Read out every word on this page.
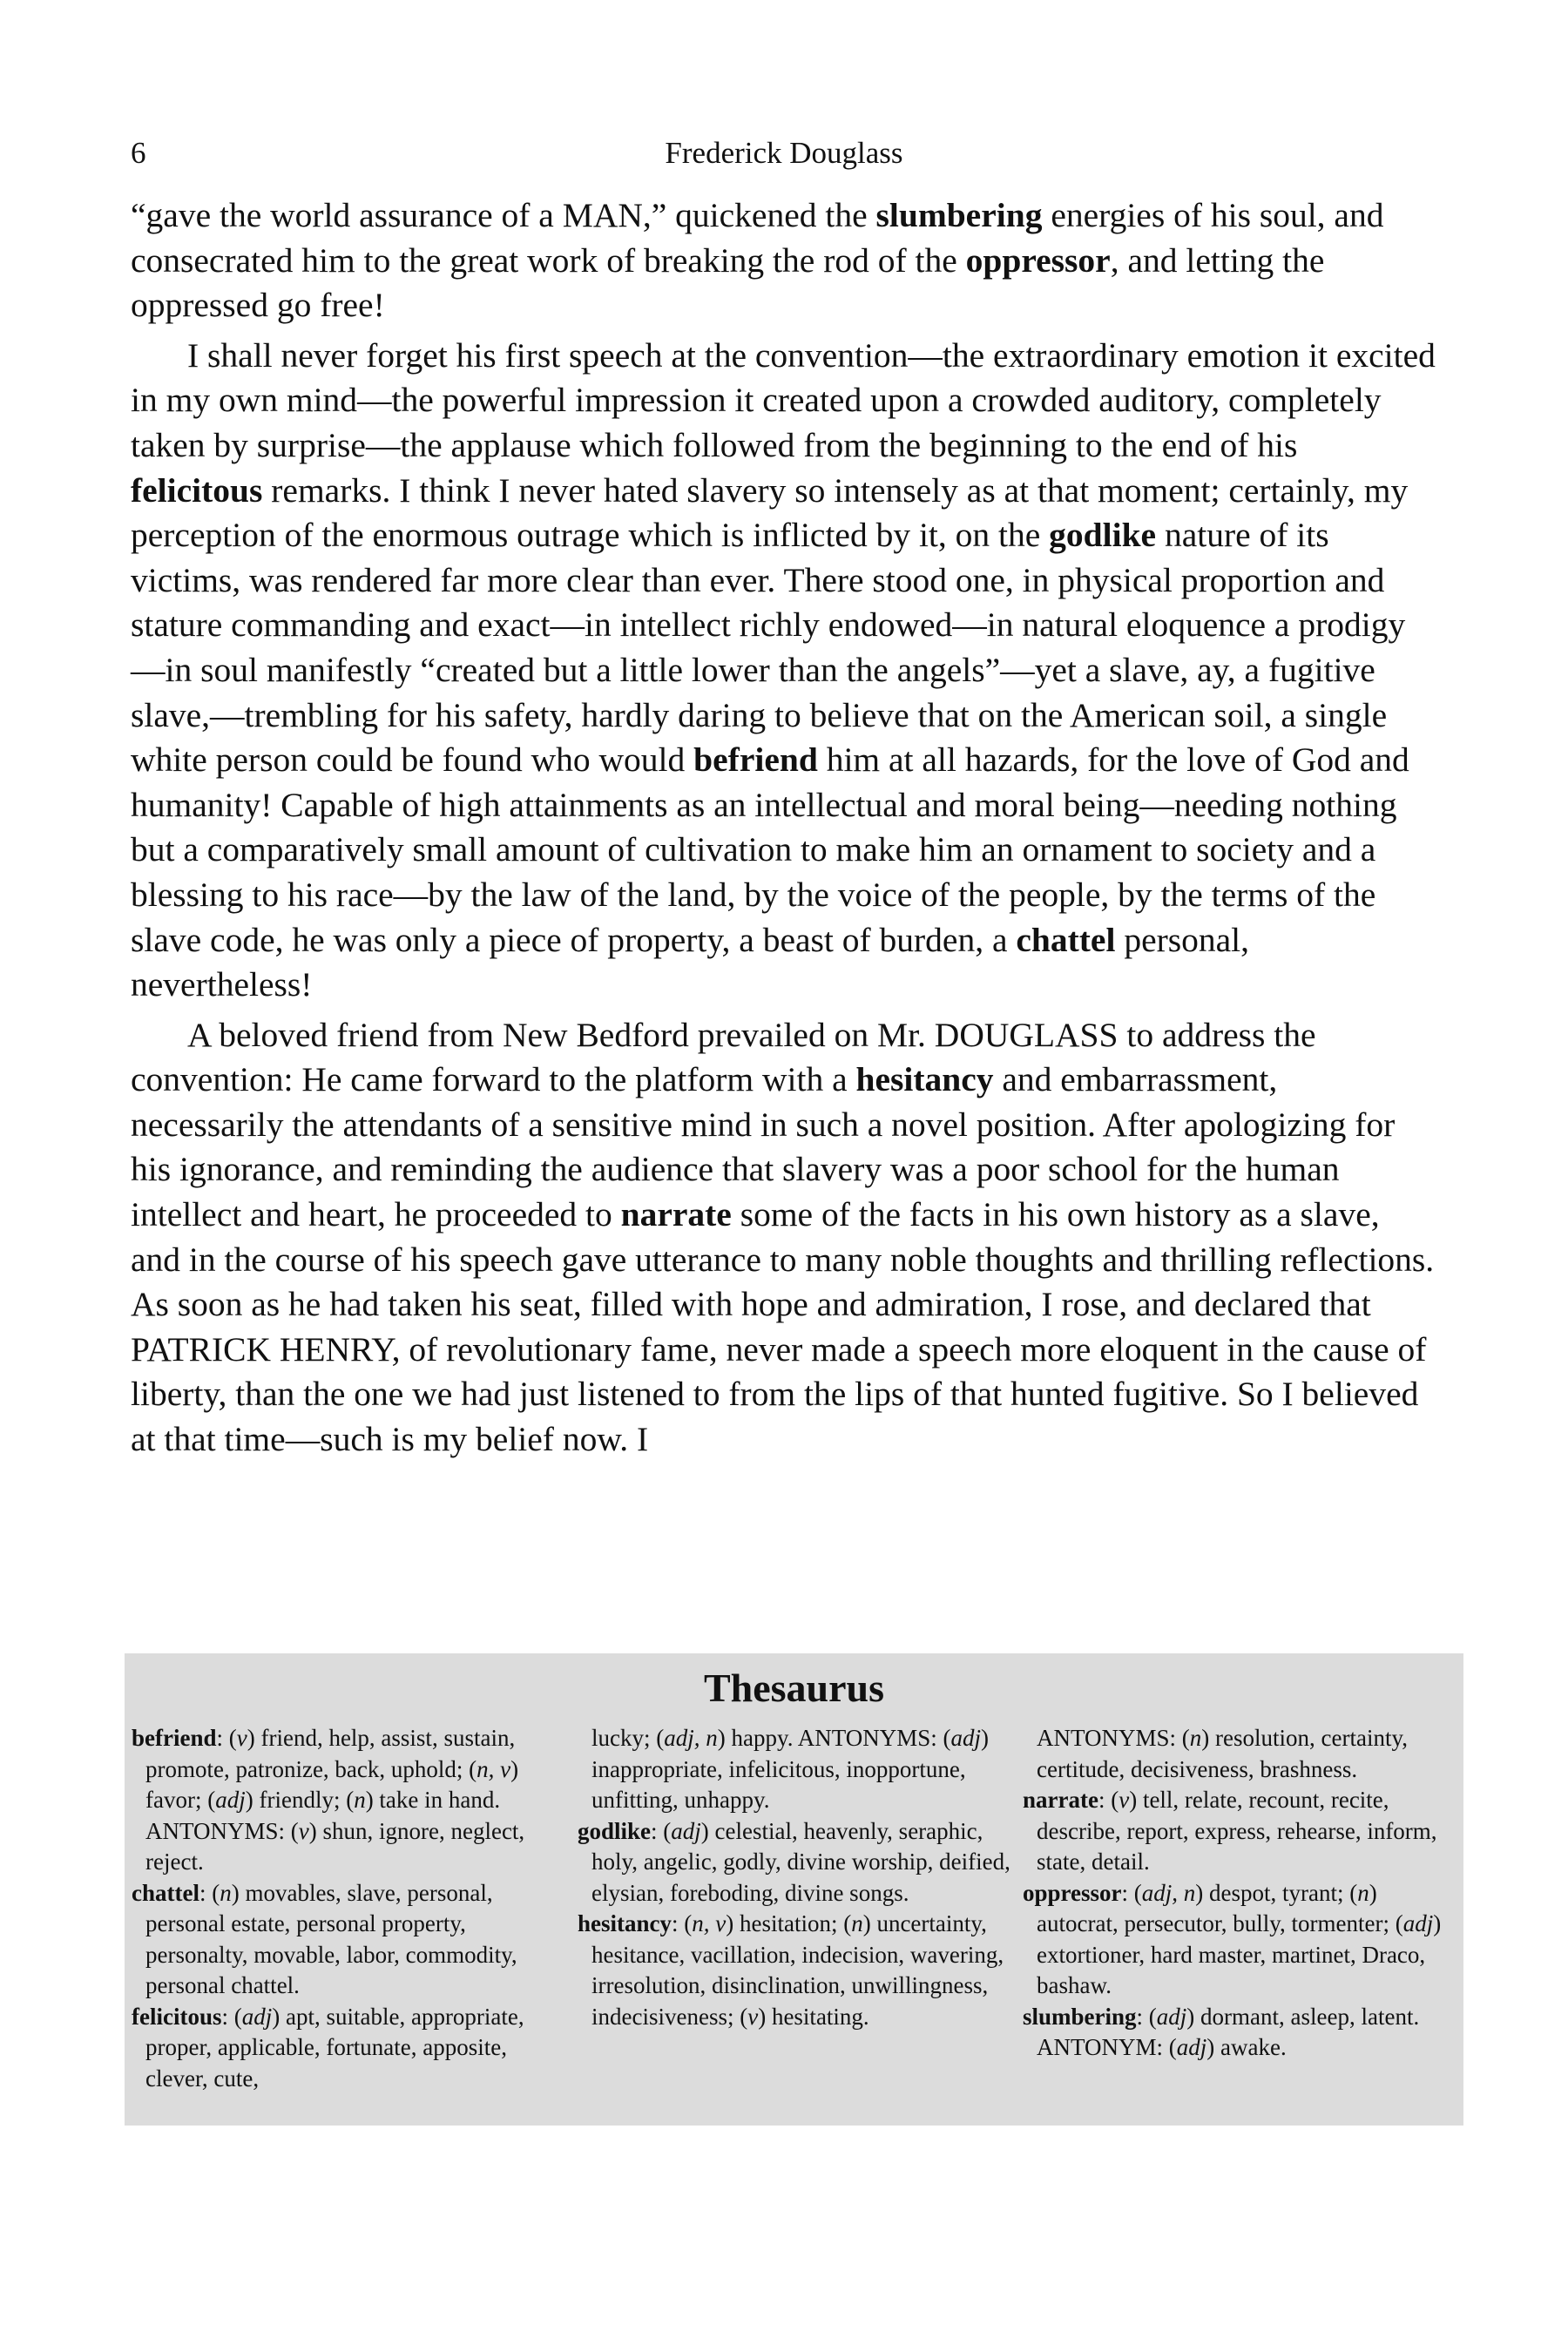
6	Frederick Douglass

“gave the world assurance of a MAN,” quickened the slumbering energies of his soul, and consecrated him to the great work of breaking the rod of the oppressor, and letting the oppressed go free!

I shall never forget his first speech at the convention—the extraordinary emotion it excited in my own mind—the powerful impression it created upon a crowded auditory, completely taken by surprise—the applause which followed from the beginning to the end of his felicitous remarks. I think I never hated slavery so intensely as at that moment; certainly, my perception of the enormous outrage which is inflicted by it, on the godlike nature of its victims, was rendered far more clear than ever. There stood one, in physical proportion and stature commanding and exact—in intellect richly endowed—in natural eloquence a prodigy—in soul manifestly “created but a little lower than the angels”—yet a slave, ay, a fugitive slave,—trembling for his safety, hardly daring to believe that on the American soil, a single white person could be found who would befriend him at all hazards, for the love of God and humanity! Capable of high attainments as an intellectual and moral being—needing nothing but a comparatively small amount of cultivation to make him an ornament to society and a blessing to his race—by the law of the land, by the voice of the people, by the terms of the slave code, he was only a piece of property, a beast of burden, a chattel personal, nevertheless!

A beloved friend from New Bedford prevailed on Mr. DOUGLASS to address the convention: He came forward to the platform with a hesitancy and embarrassment, necessarily the attendants of a sensitive mind in such a novel position. After apologizing for his ignorance, and reminding the audience that slavery was a poor school for the human intellect and heart, he proceeded to narrate some of the facts in his own history as a slave, and in the course of his speech gave utterance to many noble thoughts and thrilling reflections. As soon as he had taken his seat, filled with hope and admiration, I rose, and declared that PATRICK HENRY, of revolutionary fame, never made a speech more eloquent in the cause of liberty, than the one we had just listened to from the lips of that hunted fugitive. So I believed at that time—such is my belief now. I

Thesaurus

befriend: (v) friend, help, assist, sustain, promote, patronize, back, uphold; (n, v) favor; (adj) friendly; (n) take in hand. ANTONYMS: (v) shun, ignore, neglect, reject.

chattel: (n) movables, slave, personal, personal estate, personal property, personalty, movable, labor, commodity, personal chattel.

felicitous: (adj) apt, suitable, appropriate, proper, applicable, fortunate, apposite, clever, cute,

lucky; (adj, n) happy. ANTONYMS: (adj) inappropriate, infelicitous, inopportune, unfitting, unhappy.

godlike: (adj) celestial, heavenly, seraphic, holy, angelic, godly, divine worship, deified, elysian, foreboding, divine songs.

hesitancy: (n, v) hesitation; (n) uncertainty, hesitance, vacillation, indecision, wavering, irresolution, disinclination, unwillingness, indecisiveness; (v) hesitating.

ANTONYMS: (n) resolution, certainty, certitude, decisiveness, brashness.

narrate: (v) tell, relate, recount, recite, describe, report, express, rehearse, inform, state, detail.

oppressor: (adj, n) despot, tyrant; (n) autocrat, persecutor, bully, tormenter; (adj) extortioner, hard master, martinet, Draco, bashaw.

slumbering: (adj) dormant, asleep, latent. ANTONYM: (adj) awake.
